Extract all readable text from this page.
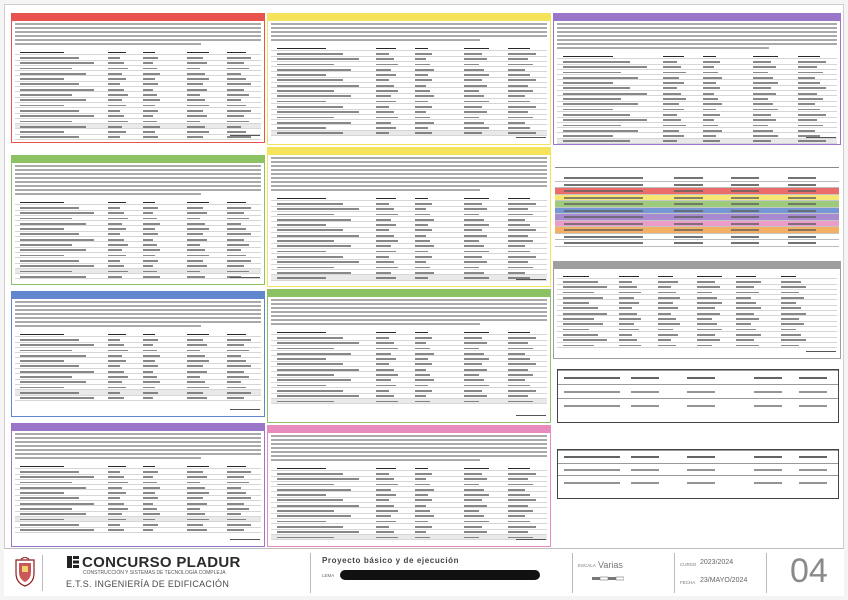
CONCURSO PLADUR
CONSTRUCCIÓN Y SISTEMAS DE TECNOLOGÍA COMPLEJA
E.T.S. INGENIERÍA DE EDIFICACIÓN
Proyecto básico y de ejecución
LEMA
ESCALA Varias	CURSO 2023/2024
FECHA 23/MAYO/2024 04
